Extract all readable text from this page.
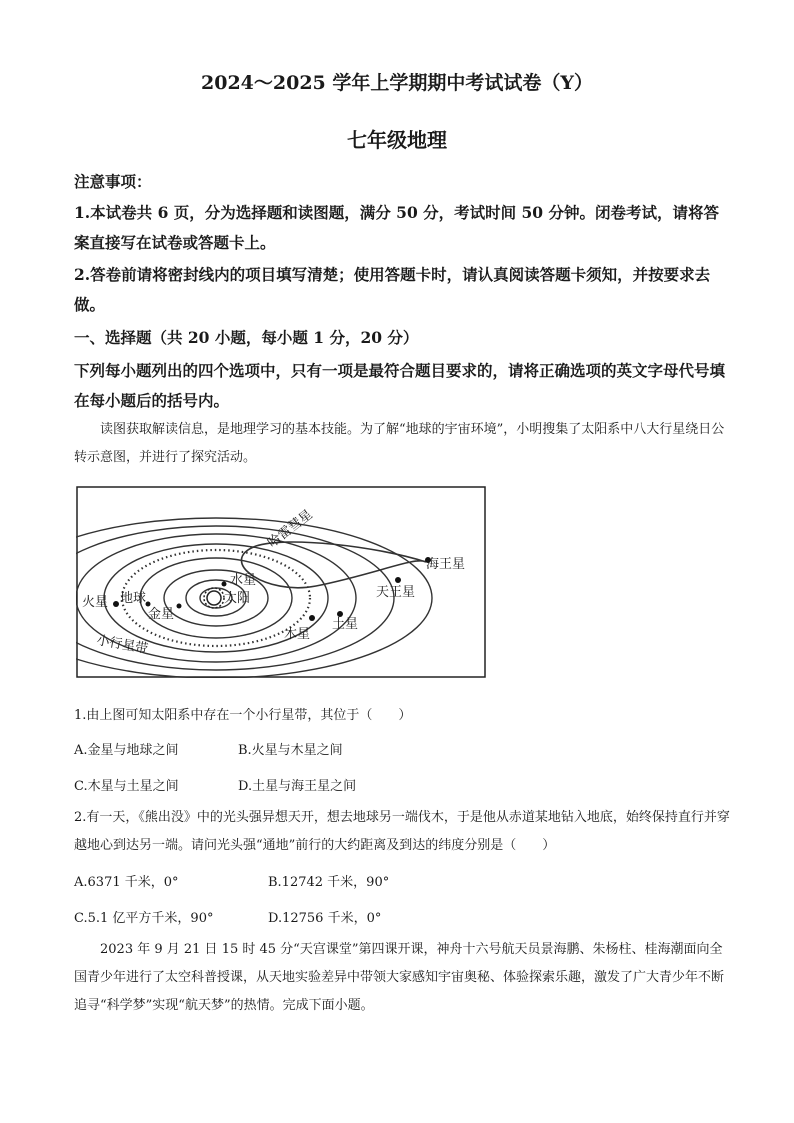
2024～2025 学年上学期期中考试试卷（Y）
七年级地理
注意事项：
1.本试卷共 6 页，分为选择题和读图题，满分 50 分，考试时间 50 分钟。闭卷考试，请将答案直接写在试卷或答题卡上。
2.答卷前请将密封线内的项目填写清楚；使用答题卡时，请认真阅读答题卡须知，并按要求去做。
一、选择题（共 20 小题，每小题 1 分，20 分）
下列每小题列出的四个选项中，只有一项是最符合题目要求的，请将正确选项的英文字母代号填在每小题后的括号内。
读图获取解读信息，是地理学习的基本技能。为了解“地球的宇宙环境”，小明搜集了太阳系中八大行星绕日公转示意图，并进行了探究活动。
水星
太阳
金星
地球
火星
木星
土星
天王星
海王星
哈雷彗星
小行星带
1.由上图可知太阳系中存在一个小行星带，其位于（　　）
A.金星与地球之间	B.火星与木星之间
C.木星与土星之间	D.土星与海王星之间
2.有一天，《熊出没》中的光头强异想天开，想去地球另一端伐木，于是他从赤道某地钻入地底，始终保持直行并穿越地心到达另一端。请问光头强“通地”前行的大约距离及到达的纬度分别是（　　）
A.6371 千米，0°	B.12742 千米，90°
C.5.1 亿平方千米，90°	D.12756 千米，0°
2023 年 9 月 21 日 15 时 45 分“天宫课堂”第四课开课，神舟十六号航天员景海鹏、朱杨柱、桂海潮面向全国青少年进行了太空科普授课，从天地实验差异中带领大家感知宇宙奥秘、体验探索乐趣，激发了广大青少年不断追寻“科学梦”实现“航天梦”的热情。完成下面小题。
